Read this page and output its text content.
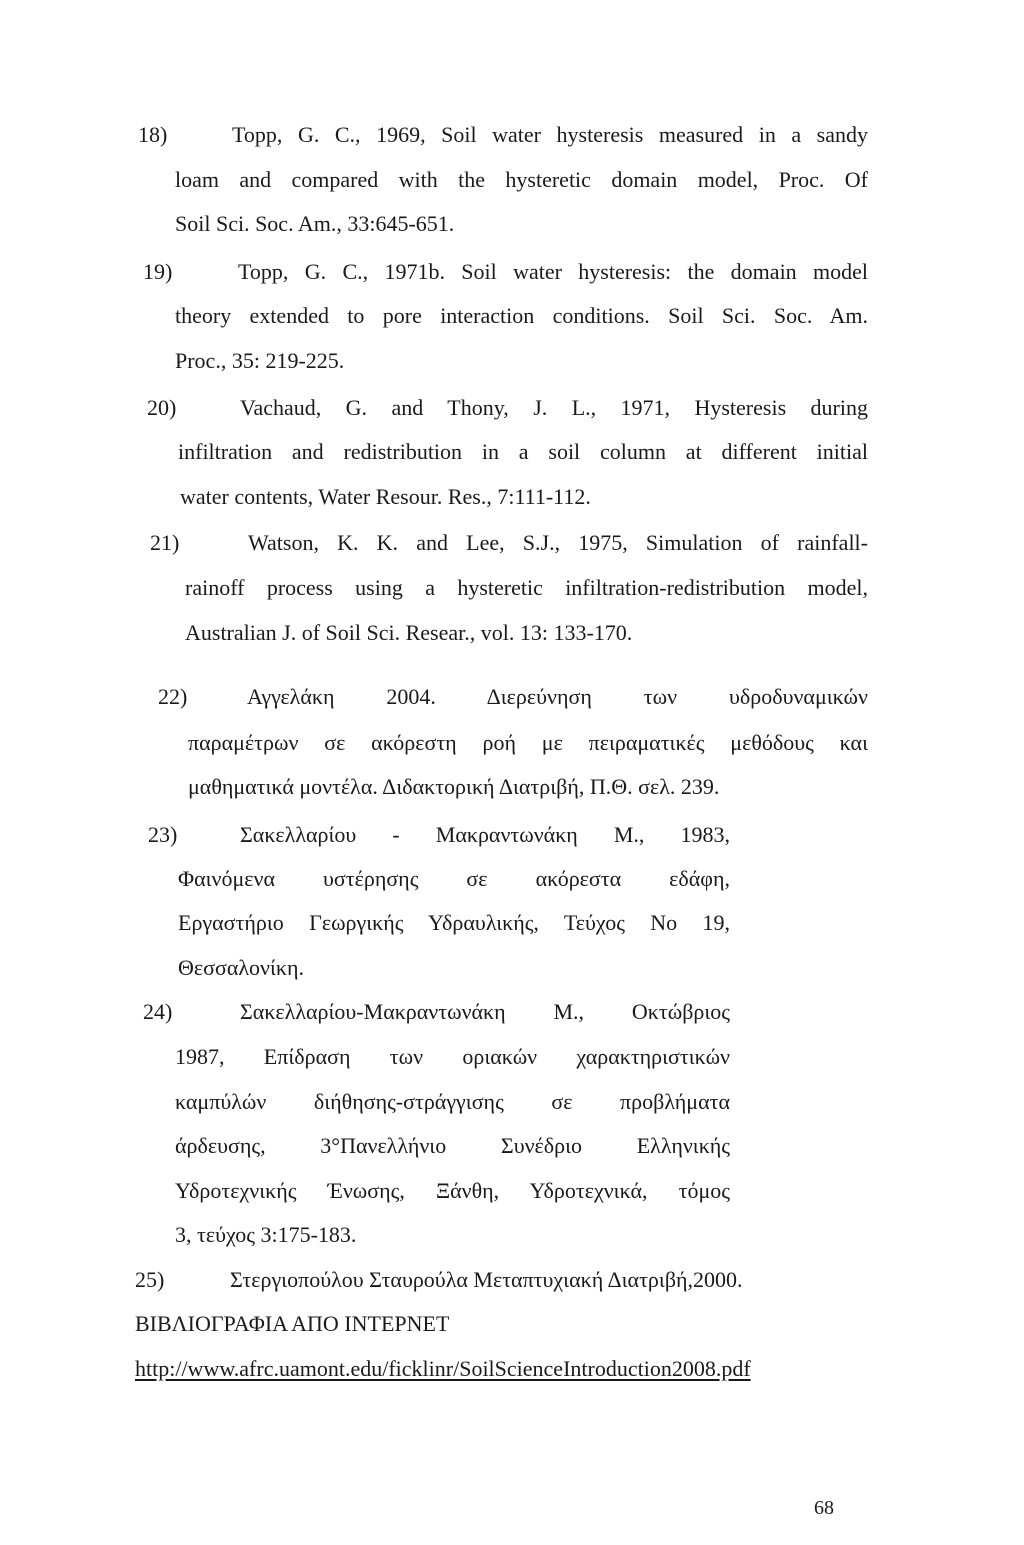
18)	Topp, G. C., 1969, Soil water hysteresis measured in a sandy
loam and compared with the hysteretic domain model, Proc. Of
Soil Sci. Soc. Am., 33:645-651.
19)	Topp, G. C., 1971b. Soil water hysteresis: the domain model
theory extended to pore interaction conditions. Soil Sci. Soc. Am.
Proc., 35: 219-225.
20)	Vachaud, G. and Thony, J. L., 1971, Hysteresis during
infiltration and redistribution in a soil column at different initial
water contents, Water Resour. Res., 7:111-112.
21)	Watson, K. K. and Lee, S.J., 1975, Simulation of rainfall-
rainoff process using a hysteretic infiltration-redistribution model,
Australian J. of Soil Sci. Resear., vol. 13: 133-170.
22)	Αγγελάκη 2004. Διερεύνηση των υδροδυναμικών
παραμέτρων σε ακόρεστη ροή με πειραματικές μεθόδους και
μαθηματικά μοντέλα. Διδακτορική Διατριβή, Π.Θ. σελ. 239.
23)	Σακελλαρίου - Μακραντωνάκη Μ., 1983,
Φαινόμενα υστέρησης σε ακόρεστα εδάφη,
Εργαστήριο Γεωργικής Υδραυλικής, Τεύχος Νο 19,
Θεσσαλονίκη.
24)	Σακελλαρίου-Μακραντωνάκη Μ., Οκτώβριος
1987, Επίδραση των οριακών χαρακτηριστικών
καμπύλών διήθησης-στράγγισης σε προβλήματα
άρδευσης, 3°Πανελλήνιο Συνέδριο Ελληνικής
Υδροτεχνικής Ένωσης, Ξάνθη, Υδροτεχνικά, τόμος
3, τεύχος 3:175-183.
25)	Στεργιοπούλου Σταυρούλα Μεταπτυχιακή Διατριβή,2000.
ΒΙΒΛΙΟΓΡΑΦΙΑ ΑΠΟ ΙΝΤΕΡΝΕΤ
http://www.afrc.uamont.edu/ficklinr/SoilScienceIntroduction2008.pdf
68
